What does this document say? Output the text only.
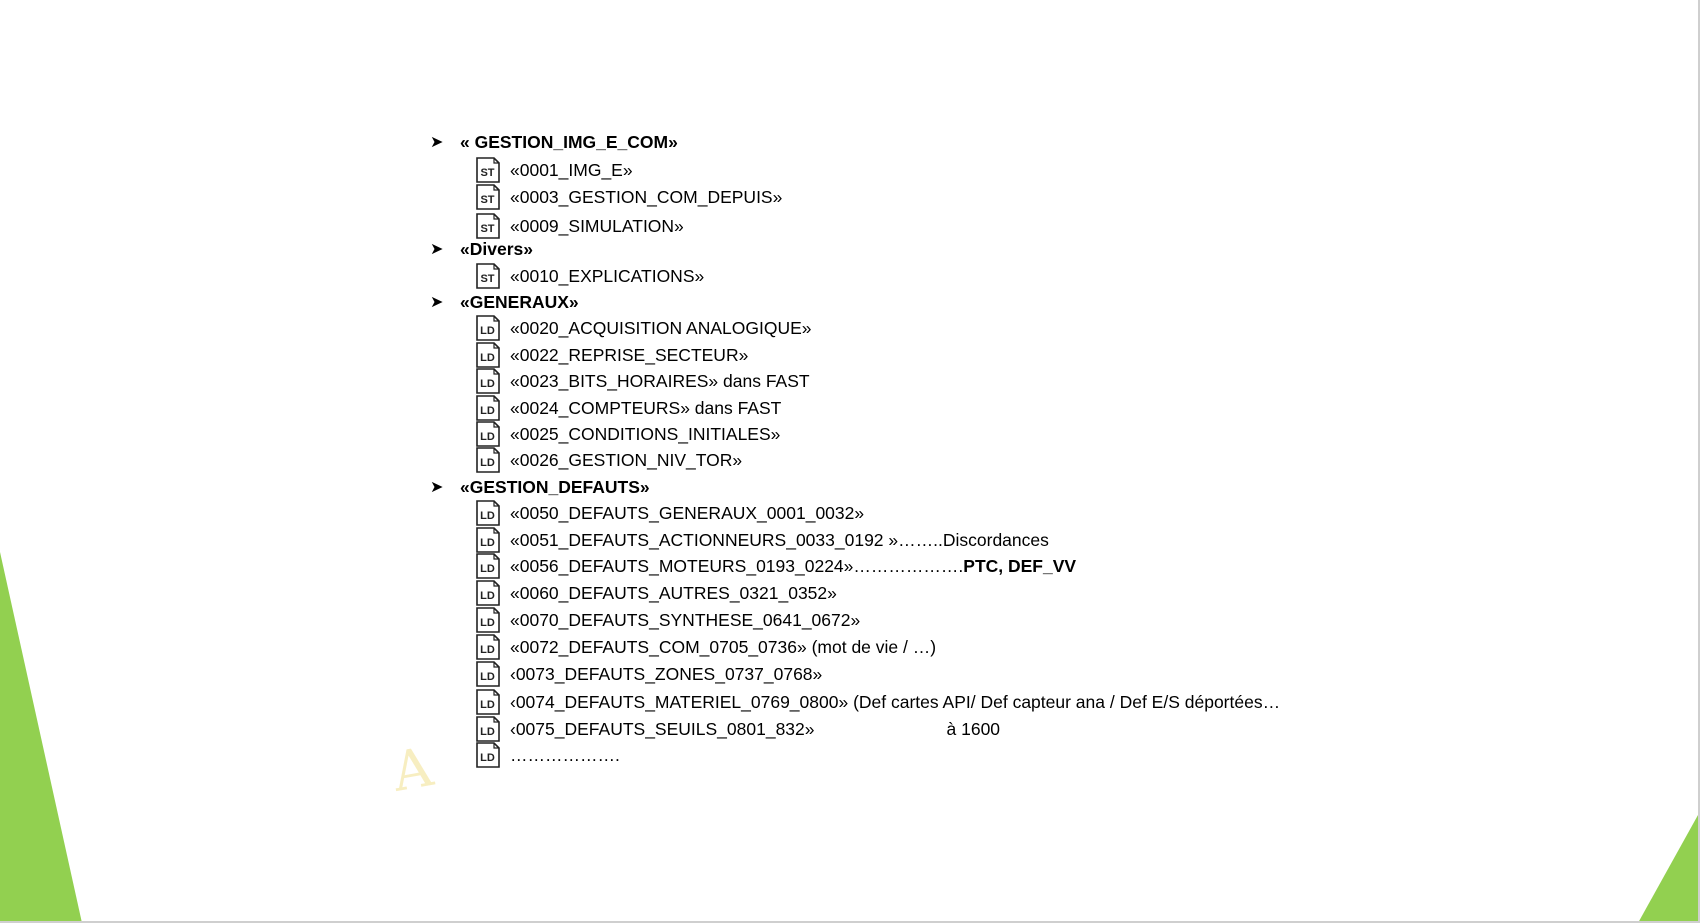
A
➤ « GESTION_IMG_E_COM»
ST «0001_IMG_E»
ST «0003_GESTION_COM_DEPUIS»
ST «0009_SIMULATION»
➤ «Divers»
ST «0010_EXPLICATIONS»
➤ «GENERAUX»
LD «0020_ACQUISITION ANALOGIQUE»
LD «0022_REPRISE_SECTEUR»
LD «0023_BITS_HORAIRES» dans FAST
LD «0024_COMPTEURS» dans FAST
LD «0025_CONDITIONS_INITIALES»
LD «0026_GESTION_NIV_TOR»
➤ «GESTION_DEFAUTS»
LD «0050_DEFAUTS_GENERAUX_0001_0032»
LD «0051_DEFAUTS_ACTIONNEURS_0033_0192 »……..Discordances
LD «0056_DEFAUTS_MOTEURS_0193_0224»………………. PTC, DEF_VV
LD «0060_DEFAUTS_AUTRES_0321_0352»
LD «0070_DEFAUTS_SYNTHESE_0641_0672»
LD «0072_DEFAUTS_COM_0705_0736» (mot de vie / …)
LD ‹0073_DEFAUTS_ZONES_0737_0768»
LD ‹0074_DEFAUTS_MATERIEL_0769_0800» (Def cartes API/ Def capteur ana / Def E/S déportées…
LD ‹0075_DEFAUTS_SEUILS_0801_832»	à 1600
LD ……………….
